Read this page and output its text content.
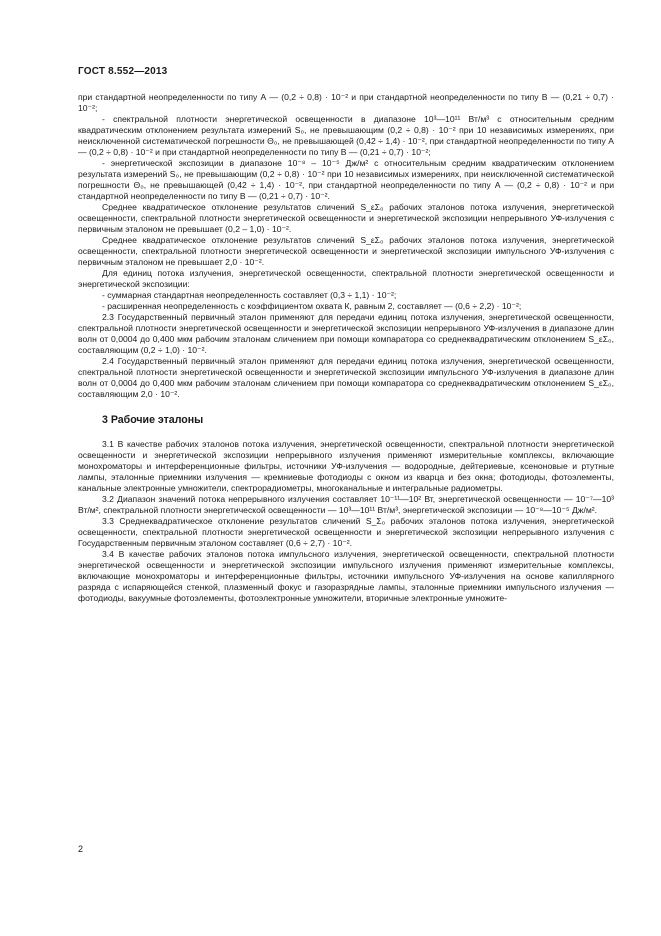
ГОСТ 8.552—2013

при стандартной неопределенности по типу А — (0,2 ÷ 0,8) · 10⁻² и при стандартной неопределенности по типу В — (0,21 ÷ 0,7) · 10⁻²;

- спектральной плотности энергетической освещенности в диапазоне 10³—10¹¹ Вт/м³ с относительным средним квадратическим отклонением результата измерений S₀, не превышающим (0,2 ÷ 0,8) · 10⁻² при 10 независимых измерениях, при неисключенной систематической погрешности Θ₀, не превышающей (0,42 ÷ 1,4) · 10⁻², при стандартной неопределенности по типу А — (0,2 ÷ 0,8) · 10⁻² и при стандартной неопределенности по типу В — (0,21 ÷ 0,7) · 10⁻²;

- энергетической экспозиции в диапазоне 10⁻⁸ – 10⁻⁵ Дж/м² с относительным средним квадратическим отклонением результата измерений S₀, не превышающим (0,2 ÷ 0,8) · 10⁻² при 10 независимых измерениях, при неисключенной систематической погрешности Θ₀, не превышающей (0,42 ÷ 1,4) · 10⁻², при стандартной неопределенности по типу А — (0,2 ÷ 0,8) · 10⁻² и при стандартной неопределенности по типу В — (0,21 ÷ 0,7) · 10⁻².

Среднее квадратическое отклонение результатов сличений S_εΣ₀ рабочих эталонов потока излучения, энергетической освещенности, спектральной плотности энергетической освещенности и энергетической экспозиции непрерывного УФ-излучения с первичным эталоном не превышает (0,2 – 1,0) · 10⁻².

Среднее квадратическое отклонение результатов сличений S_εΣ₀ рабочих эталонов потока излучения, энергетической освещенности, спектральной плотности энергетической освещенности и энергетической экспозиции импульсного УФ-излучения с первичным эталоном не превышает 2,0 · 10⁻².

Для единиц потока излучения, энергетической освещенности, спектральной плотности энергетической освещенности и энергетической экспозиции:

- суммарная стандартная неопределенность составляет (0,3 ÷ 1,1) · 10⁻²;

- расширенная неопределенность с коэффициентом охвата К, равным 2, составляет — (0,6 ÷ 2,2) · 10⁻²;

2.3 Государственный первичный эталон применяют для передачи единиц потока излучения, энергетической освещенности, спектральной плотности энергетической освещенности и энергетической экспозиции непрерывного УФ-излучения в диапазоне длин волн от 0,0004 до 0,400 мкм рабочим эталонам сличением при помощи компаратора со среднеквадратическим отклонением S_εΣ₀, составляющим (0,2 ÷ 1,0) · 10⁻².

2.4 Государственный первичный эталон применяют для передачи единиц потока излучения, энергетической освещенности, спектральной плотности энергетической освещенности и энергетической экспозиции импульсного УФ-излучения в диапазоне длин волн от 0,0004 до 0,400 мкм рабочим эталонам сличением при помощи компаратора со среднеквадратическим отклонением S_εΣ₀, составляющим 2,0 · 10⁻².

3 Рабочие эталоны

3.1 В качестве рабочих эталонов потока излучения, энергетической освещенности, спектральной плотности энергетической освещенности и энергетической экспозиции непрерывного излучения применяют измерительные комплексы, включающие монохроматоры и интерференционные фильтры, источники УФ-излучения — водородные, дейтериевые, ксеноновые и ртутные лампы, эталонные приемники излучения — кремниевые фотодиоды с окном из кварца и без окна; фотодиоды, фотоэлементы, канальные электронные умножители, спектрорадиометры, многоканальные и интегральные радиометры.

3.2 Диапазон значений потока непрерывного излучения составляет 10⁻¹¹—10² Вт, энергетической освещенности — 10⁻⁷—10³ Вт/м², спектральной плотности энергетической освещенности — 10³—10¹¹ Вт/м³, энергетической экспозиции — 10⁻⁸—10⁻⁵ Дж/м².

3.3 Среднеквадратическое отклонение результатов сличений S_Σ₀ рабочих эталонов потока излучения, энергетической освещенности, спектральной плотности энергетической освещенности и энергетической экспозиции непрерывного излучения с Государственным первичным эталоном составляет (0,6 ÷ 2,7) · 10⁻².

3.4 В качестве рабочих эталонов потока импульсного излучения, энергетической освещенности, спектральной плотности энергетической освещенности и энергетической экспозиции импульсного излучения применяют измерительные комплексы, включающие монохроматоры и интерференционные фильтры, источники импульсного УФ-излучения на основе капиллярного разряда с испаряющейся стенкой, плазменный фокус и газоразрядные лампы, эталонные приемники импульсного излучения — фотодиоды, вакуумные фотоэлементы, фотоэлектронные умножители, вторичные электронные умножите-

2
